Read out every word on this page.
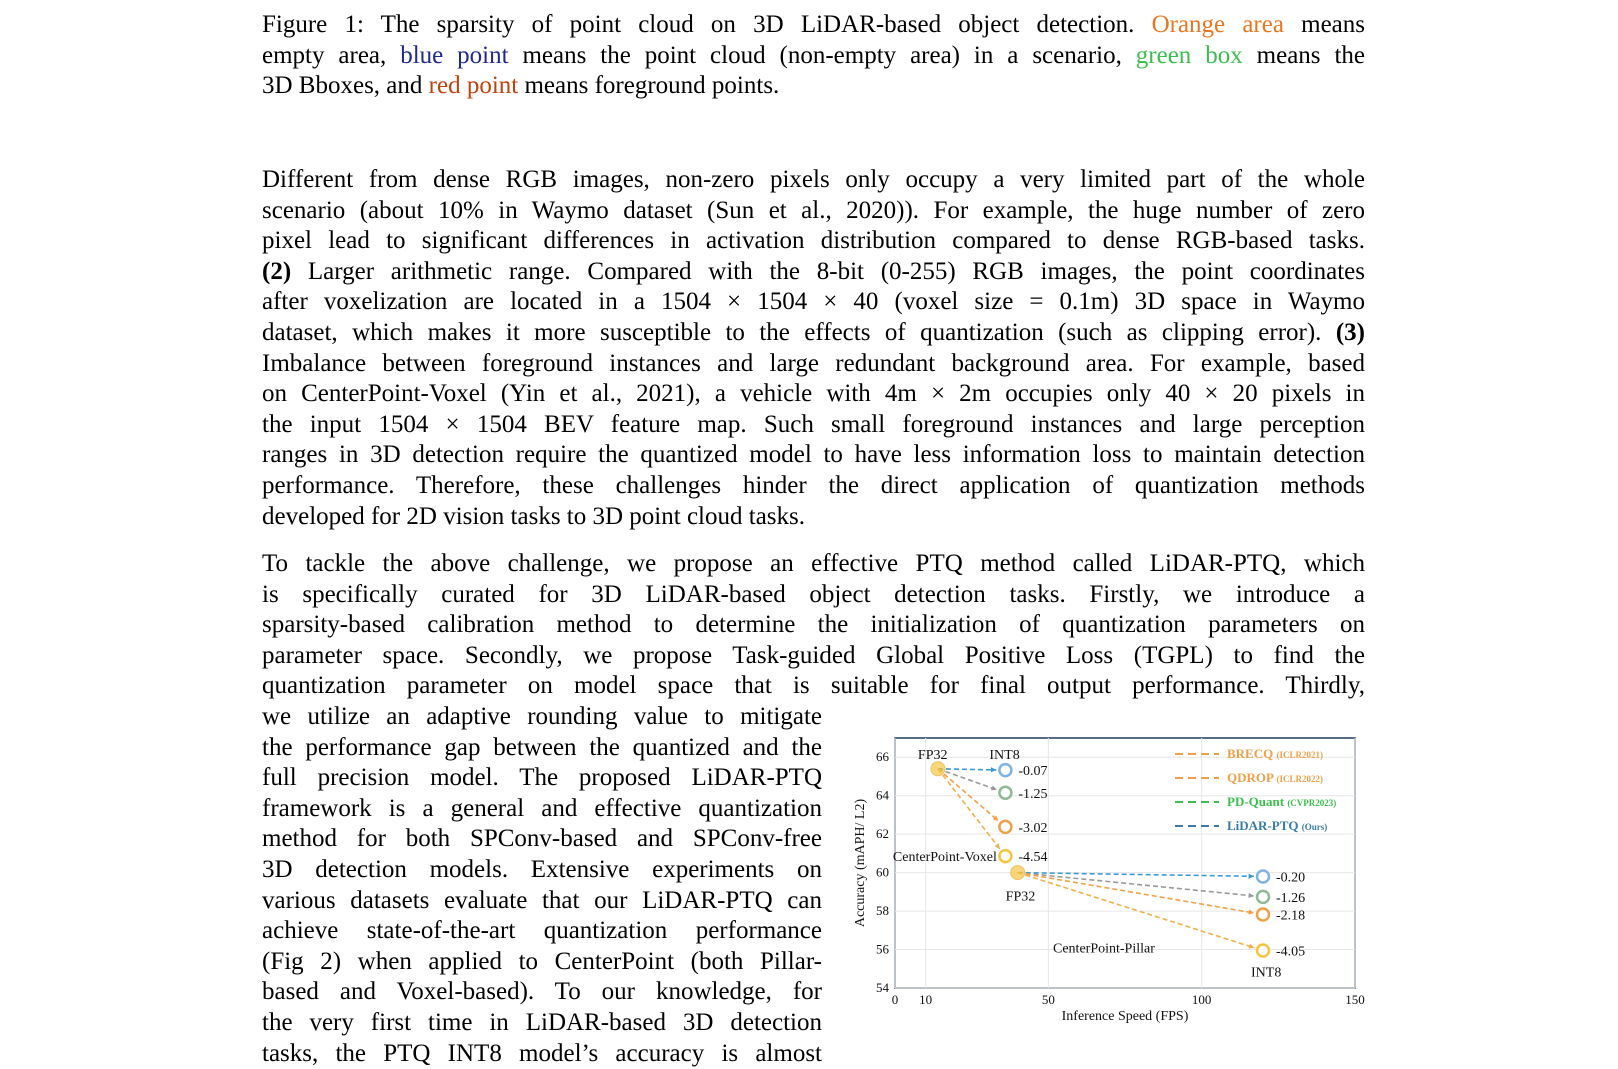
Figure 1: The sparsity of point cloud on 3D LiDAR-based object detection. Orange area means
empty area, blue point means the point cloud (non-empty area) in a scenario, green box means the
3D Bboxes, and red point means foreground points.
Different from dense RGB images, non-zero pixels only occupy a very limited part of the whole
scenario (about 10% in Waymo dataset (Sun et al., 2020)). For example, the huge number of zero
pixel lead to significant differences in activation distribution compared to dense RGB-based tasks.
(2) Larger arithmetic range. Compared with the 8-bit (0-255) RGB images, the point coordinates
after voxelization are located in a 1504 × 1504 × 40 (voxel size = 0.1m) 3D space in Waymo
dataset, which makes it more susceptible to the effects of quantization (such as clipping error). (3)
Imbalance between foreground instances and large redundant background area. For example, based
on CenterPoint-Voxel (Yin et al., 2021), a vehicle with 4m × 2m occupies only 40 × 20 pixels in
the input 1504 × 1504 BEV feature map. Such small foreground instances and large perception
ranges in 3D detection require the quantized model to have less information loss to maintain detection
performance. Therefore, these challenges hinder the direct application of quantization methods
developed for 2D vision tasks to 3D point cloud tasks.
To tackle the above challenge, we propose an effective PTQ method called LiDAR-PTQ, which
is specifically curated for 3D LiDAR-based object detection tasks. Firstly, we introduce a
sparsity-based calibration method to determine the initialization of quantization parameters on
parameter space. Secondly, we propose Task-guided Global Positive Loss (TGPL) to find the
quantization parameter on model space that is suitable for final output performance. Thirdly,
we utilize an adaptive rounding value to mitigate
the performance gap between the quantized and the
full precision model. The proposed LiDAR-PTQ
framework is a general and effective quantization
method for both SPConv-based and SPConv-free
3D detection models. Extensive experiments on
various datasets evaluate that our LiDAR-PTQ can
achieve state-of-the-art quantization performance
(Fig 2) when applied to CenterPoint (both Pillar-
based and Voxel-based). To our knowledge, for
the very first time in LiDAR-based 3D detection
tasks, the PTQ INT8 model’s accuracy is almost
54
56
58
60
62
64
66
0 10	50	100	150
Inference Speed (FPS)
Accuracy (mAPH/ L2)
-0.07
-1.25
-3.02
-4.54
FP32	INT8
CenterPoint-Voxel
-0.20
-1.26
-2.18
-4.05
FP32
INT8
CenterPoint-Pillar
BRECQ (ICLR2021)
QDROP (ICLR2022)
PD-Quant (CVPR2023)
LiDAR-PTQ (Ours)
